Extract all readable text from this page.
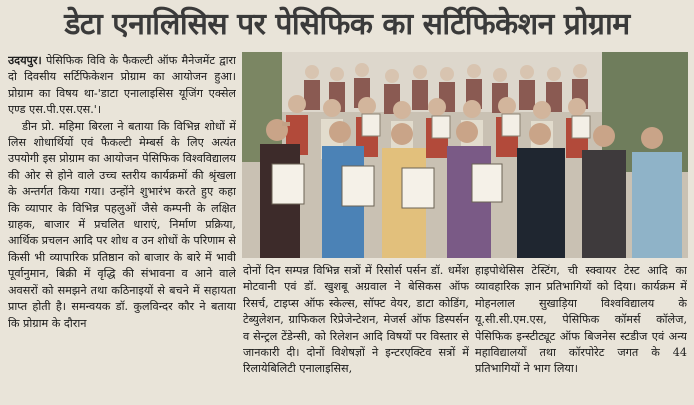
डेटा एनालिसिस पर पेसिफिक का सर्टिफिकेशन प्रोग्राम

उदयपुर। पेसिफिक विवि के फैकल्टी ऑफ मैनेजमेंट द्वारा दो दिवसीय सर्टिफिकेशन प्रोग्राम का आयोजन हुआ। प्रोग्राम का विषय था-'डाटा एनालाइसिस यूजिंग एक्सेल एण्ड एस.पी.एस.एस.'।

डीन प्रो. महिमा बिरला ने बताया कि विभिन्न शोधों में लिस शोधार्थियों एवं फैकल्टी मेम्बर्स के लिए अत्यंत उपयोगी इस प्रोग्राम का आयोजन पेसिफिक विश्वविद्यालय की ओर से होने वाले उच्च स्तरीय कार्यक्रमों की श्रृंखला के अन्तर्गत किया गया। उन्होंने शुभारंभ करते हुए कहा कि व्यापार के विभिन्न पहलुओं जैसे कम्पनी के लक्षित ग्राहक, बाजार में प्रचलित धाराएं, निर्माण प्रक्रिया, आर्थिक प्रचलन आदि पर शोध व उन शोधों के परिणाम से किसी भी व्यापारिक प्रतिष्ठान को बाजार के बारे में भावी पूर्वानुमान, बिक्री में वृद्धि की संभावना व आने वाले अवसरों को समझने तथा कठिनाइयों से बचने में सहायता प्राप्त होती है। समन्वयक डॉ. कुलविन्दर कौर ने बताया कि प्रोग्राम के दौरान

दोनों दिन सम्पन्न विभिन्न सत्रों में रिसोर्स पर्सन डॉ. धर्मेश मोटवानी एवं डॉ. खुशबू अग्रवाल ने बेसिकस ऑफ रिसर्च, टाइप्स ऑफ स्केल्स, सॉफ्ट वेयर, डाटा कोडिंग, टेब्युलेशन, ग्राफिकल रिप्रेजेन्टेशन, मेजर्स ऑफ डिस्पर्सन व सेन्ट्रल टेंडेन्सी, को रिलेशन आदि विषयों पर विस्तार से जानकारी दी। दोनों विशेषज्ञों ने इन्टरएक्टिव सत्रों में रिलायेबिलिटी एनालाइसिस,
हाइपोथेसिस टेस्टिंग, ची स्क्वायर टेस्ट आदि का व्यावहारिक ज्ञान प्रतिभागियों को दिया। कार्यक्रम में मोहनलाल सुखाड़िया विश्वविद्यालय के यू.सी.सी.एम.एस, पेसिफिक कॉमर्स कॉलेज, पेसिफिक इन्स्टीट्यूट ऑफ बिजनेस स्टडीज एवं अन्य महाविद्यालयों तथा कॉरपोरेट जगत के 44 प्रतिभागियों ने भाग लिया।
